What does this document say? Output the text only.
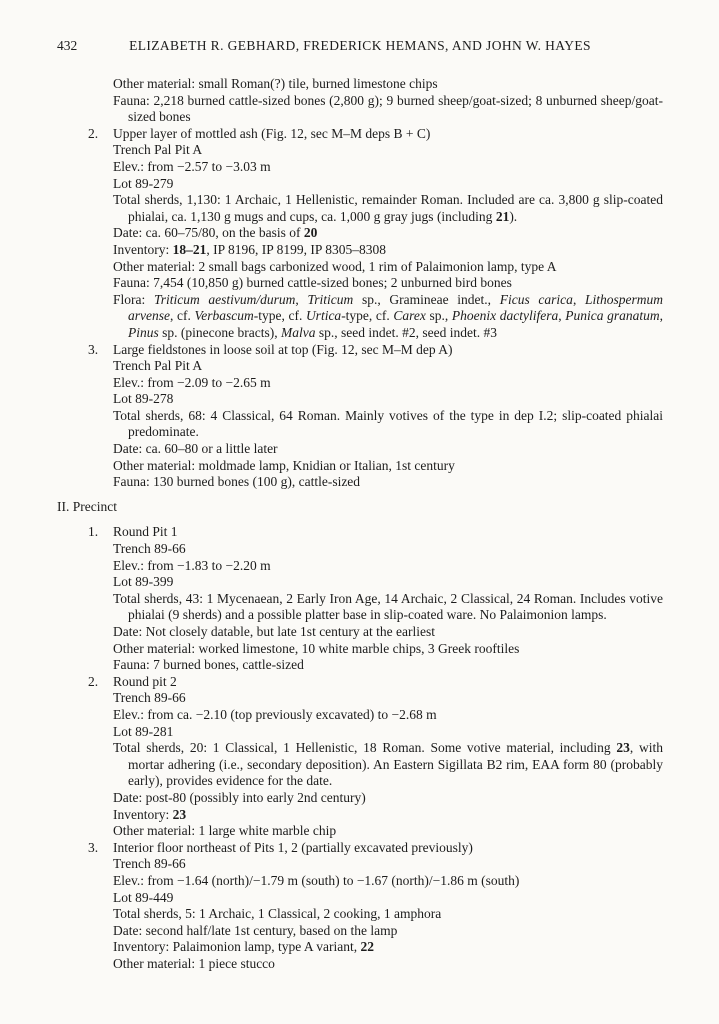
432	ELIZABETH R. GEBHARD, FREDERICK HEMANS, AND JOHN W. HAYES

Other material: small Roman(?) tile, burned limestone chips

Fauna: 2,218 burned cattle-sized bones (2,800 g); 9 burned sheep/goat-sized; 8 unburned sheep/goat-sized bones

2. Upper layer of mottled ash (Fig. 12, sec M–M deps B + C)

Trench Pal Pit A

Elev.: from −2.57 to −3.03 m

Lot 89-279

Total sherds, 1,130: 1 Archaic, 1 Hellenistic, remainder Roman. Included are ca. 3,800 g slip-coated phialai, ca. 1,130 g mugs and cups, ca. 1,000 g gray jugs (including 21).

Date: ca. 60–75/80, on the basis of 20

Inventory: 18–21, IP 8196, IP 8199, IP 8305–8308

Other material: 2 small bags carbonized wood, 1 rim of Palaimonion lamp, type A

Fauna: 7,454 (10,850 g) burned cattle-sized bones; 2 unburned bird bones

Flora: Triticum aestivum/durum, Triticum sp., Gramineae indet., Ficus carica, Lithospermum arvense, cf. Verbascum-type, cf. Urtica-type, cf. Carex sp., Phoenix dactylifera, Punica granatum, Pinus sp. (pinecone bracts), Malva sp., seed indet. #2, seed indet. #3

3. Large fieldstones in loose soil at top (Fig. 12, sec M–M dep A)

Trench Pal Pit A

Elev.: from −2.09 to −2.65 m

Lot 89-278

Total sherds, 68: 4 Classical, 64 Roman. Mainly votives of the type in dep I.2; slip-coated phialai predominate.

Date: ca. 60–80 or a little later

Other material: moldmade lamp, Knidian or Italian, 1st century

Fauna: 130 burned bones (100 g), cattle-sized

II. Precinct

1. Round Pit 1

Trench 89-66

Elev.: from −1.83 to −2.20 m

Lot 89-399

Total sherds, 43: 1 Mycenaean, 2 Early Iron Age, 14 Archaic, 2 Classical, 24 Roman. Includes votive phialai (9 sherds) and a possible platter base in slip-coated ware. No Palaimonion lamps.

Date: Not closely datable, but late 1st century at the earliest

Other material: worked limestone, 10 white marble chips, 3 Greek rooftiles

Fauna: 7 burned bones, cattle-sized

2. Round pit 2

Trench 89-66

Elev.: from ca. −2.10 (top previously excavated) to −2.68 m

Lot 89-281

Total sherds, 20: 1 Classical, 1 Hellenistic, 18 Roman. Some votive material, including 23, with mortar adhering (i.e., secondary deposition). An Eastern Sigillata B2 rim, EAA form 80 (probably early), provides evidence for the date.

Date: post-80 (possibly into early 2nd century)

Inventory: 23

Other material: 1 large white marble chip

3. Interior floor northeast of Pits 1, 2 (partially excavated previously)

Trench 89-66

Elev.: from −1.64 (north)/−1.79 m (south) to −1.67 (north)/−1.86 m (south)

Lot 89-449

Total sherds, 5: 1 Archaic, 1 Classical, 2 cooking, 1 amphora

Date: second half/late 1st century, based on the lamp

Inventory: Palaimonion lamp, type A variant, 22

Other material: 1 piece stucco
